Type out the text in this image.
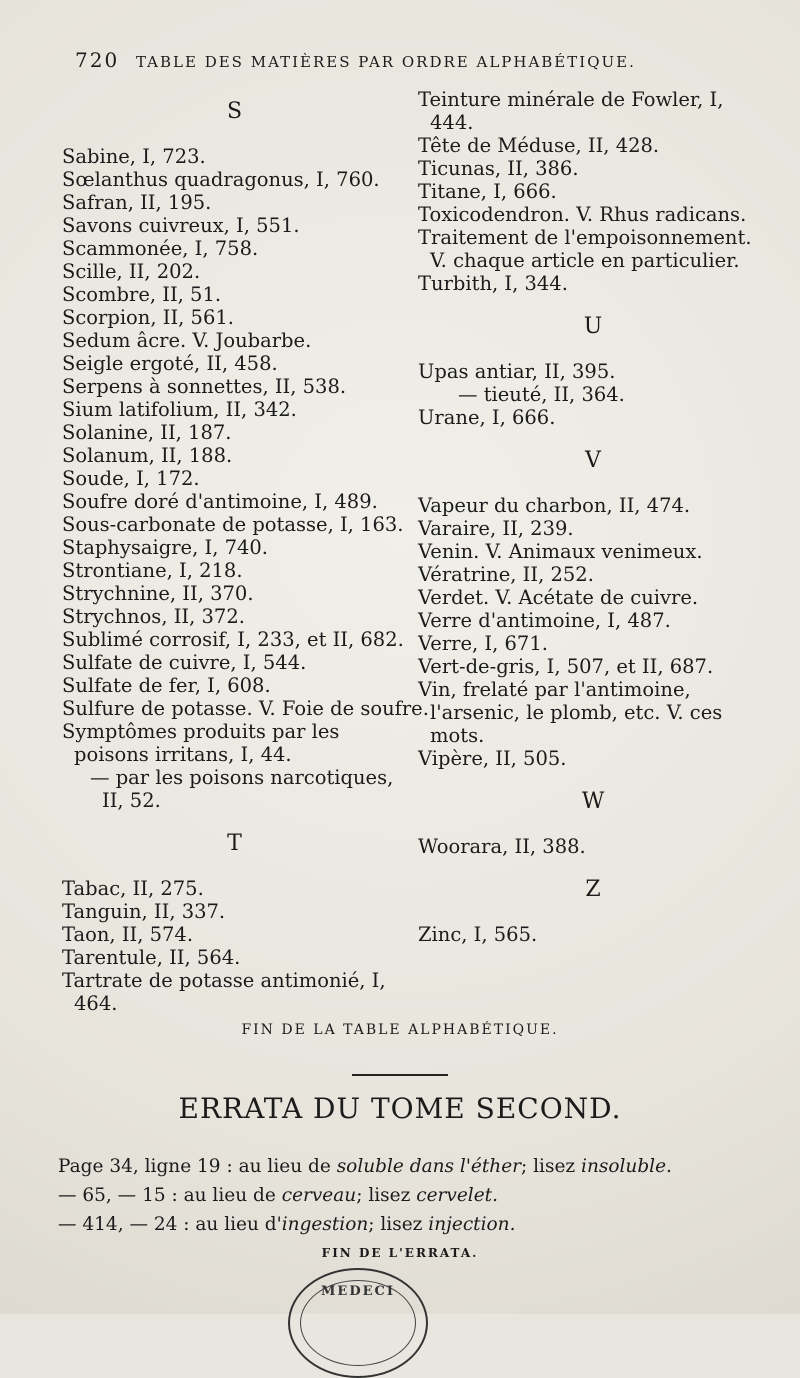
720 TABLE DES MATIÈRES PAR ORDRE ALPHABÉTIQUE.
S
Sabine, I, 723.
Sœlanthus quadragonus, I, 760.
Safran, II, 195.
Savons cuivreux, I, 551.
Scammonée, I, 758.
Scille, II, 202.
Scombre, II, 51.
Scorpion, II, 561.
Sedum âcre. V. Joubarbe.
Seigle ergoté, II, 458.
Serpens à sonnettes, II, 538.
Sium latifolium, II, 342.
Solanine, II, 187.
Solanum, II, 188.
Soude, I, 172.
Soufre doré d'antimoine, I, 489.
Sous-carbonate de potasse, I, 163.
Staphysaigre, I, 740.
Strontiane, I, 218.
Strychnine, II, 370.
Strychnos, II, 372.
Sublimé corrosif, I, 233, et II, 682.
Sulfate de cuivre, I, 544.
Sulfate de fer, I, 608.
Sulfure de potasse. V. Foie de soufre.
Symptômes produits par les poisons irritans, I, 44.
— par les poisons narcotiques, II, 52.
T
Tabac, II, 275.
Tanguin, II, 337.
Taon, II, 574.
Tarentule, II, 564.
Tartrate de potasse antimonié, I, 464.
Teinture minérale de Fowler, I, 444.
Tête de Méduse, II, 428.
Ticunas, II, 386.
Titane, I, 666.
Toxicodendron. V. Rhus radicans.
Traitement de l'empoisonnement. V. chaque article en particulier.
Turbith, I, 344.
U
Upas antiar, II, 395.
— tieuté, II, 364.
Urane, I, 666.
V
Vapeur du charbon, II, 474.
Varaire, II, 239.
Venin. V. Animaux venimeux.
Vératrine, II, 252.
Verdet. V. Acétate de cuivre.
Verre d'antimoine, I, 487.
Verre, I, 671.
Vert-de-gris, I, 507, et II, 687.
Vin, frelaté par l'antimoine, l'arsenic, le plomb, etc. V. ces mots.
Vipère, II, 505.
W
Woorara, II, 388.
Z
Zinc, I, 565.
FIN DE LA TABLE ALPHABÉTIQUE.
ERRATA DU TOME SECOND.
Page 34, ligne 19 : au lieu de soluble dans l'éther; lisez insoluble.
— 65, — 15 : au lieu de cerveau; lisez cervelet.
— 414, — 24 : au lieu d'ingestion; lisez injection.
FIN DE L'ERRATA.
MEDECI
